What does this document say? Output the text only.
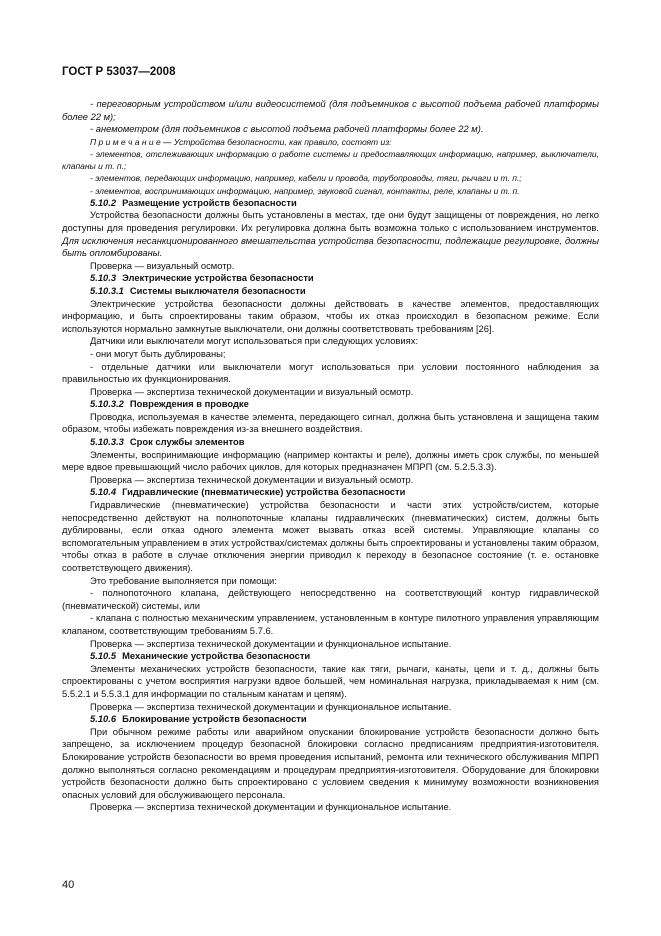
ГОСТ Р 53037—2008

- переговорным устройством и/или видеосистемой (для подъемников с высотой подъема рабочей платформы более 22 м);

- анемометром (для подъемников с высотой подъема рабочей платформы более 22 м).

П р и м е ч а н и е — Устройства безопасности, как правило, состоят из:

- элементов, отслеживающих информацию о работе системы и предоставляющих информацию, например, выключатели, клапаны и т. п.;

- элементов, передающих информацию, например, кабели и провода, трубопроводы, тяги, рычаги и т. п.;

- элементов, воспринимающих информацию, например, звуковой сигнал, контакты, реле, клапаны и т. п.

5.10.2 Размещение устройств безопасности

Устройства безопасности должны быть установлены в местах, где они будут защищены от повреждения, но легко доступны для проведения регулировки. Их регулировка должна быть возможна только с использованием инструментов. Для исключения несанкционированного вмешательства устройства безопасности, подлежащие регулировке, должны быть опломбированы.

Проверка — визуальный осмотр.

5.10.3 Электрические устройства безопасности

5.10.3.1 Системы выключателя безопасности

Электрические устройства безопасности должны действовать в качестве элементов, предоставляющих информацию, и быть спроектированы таким образом, чтобы их отказ происходил в безопасном режиме. Если используются нормально замкнутые выключатели, они должны соответствовать требованиям [26].

Датчики или выключатели могут использоваться при следующих условиях:

- они могут быть дублированы;

- отдельные датчики или выключатели могут использоваться при условии постоянного наблюдения за правильностью их функционирования.

Проверка — экспертиза технической документации и визуальный осмотр.

5.10.3.2 Повреждения в проводке

Проводка, используемая в качестве элемента, передающего сигнал, должна быть установлена и защищена таким образом, чтобы избежать повреждения из-за внешнего воздействия.

5.10.3.3 Срок службы элементов

Элементы, воспринимающие информацию (например контакты и реле), должны иметь срок службы, по меньшей мере вдвое превышающий число рабочих циклов, для которых предназначен МПРП (см. 5.2.5.3.3).

Проверка — экспертиза технической документации и визуальный осмотр.

5.10.4 Гидравлические (пневматические) устройства безопасности

Гидравлические (пневматические) устройства безопасности и части этих устройств/систем, которые непосредственно действуют на полнопоточные клапаны гидравлических (пневматических) систем, должны быть дублированы, если отказ одного элемента может вызвать отказ всей системы. Управляющие клапаны со вспомогательным управлением в этих устройствах/системах должны быть спроектированы и установлены таким образом, чтобы отказ в работе в случае отключения энергии приводил к переходу в безопасное состояние (т. е. остановке соответствующего движения).

Это требование выполняется при помощи:

- полнопоточного клапана, действующего непосредственно на соответствующий контур гидравлической (пневматической) системы, или

- клапана с полностью механическим управлением, установленным в контуре пилотного управления управляющим клапаном, соответствующим требованиям 5.7.6.

Проверка — экспертиза технической документации и функциональное испытание.

5.10.5 Механические устройства безопасности

Элементы механических устройств безопасности, такие как тяги, рычаги, канаты, цепи и т. д., должны быть спроектированы с учетом восприятия нагрузки вдвое большей, чем номинальная нагрузка, прикладываемая к ним (см. 5.5.2.1 и 5.5.3.1 для информации по стальным канатам и цепям).

Проверка — экспертиза технической документации и функциональное испытание.

5.10.6 Блокирование устройств безопасности

При обычном режиме работы или аварийном опускании блокирование устройств безопасности должно быть запрещено, за исключением процедур безопасной блокировки согласно предписаниям предприятия-изготовителя. Блокирование устройств безопасности во время проведения испытаний, ремонта или технического обслуживания МПРП должно выполняться согласно рекомендациям и процедурам предприятия-изготовителя. Оборудование для блокировки устройств безопасности должно быть спроектировано с условием сведения к минимуму возможности возникновения опасных условий для обслуживающего персонала.

Проверка — экспертиза технической документации и функциональное испытание.

40
